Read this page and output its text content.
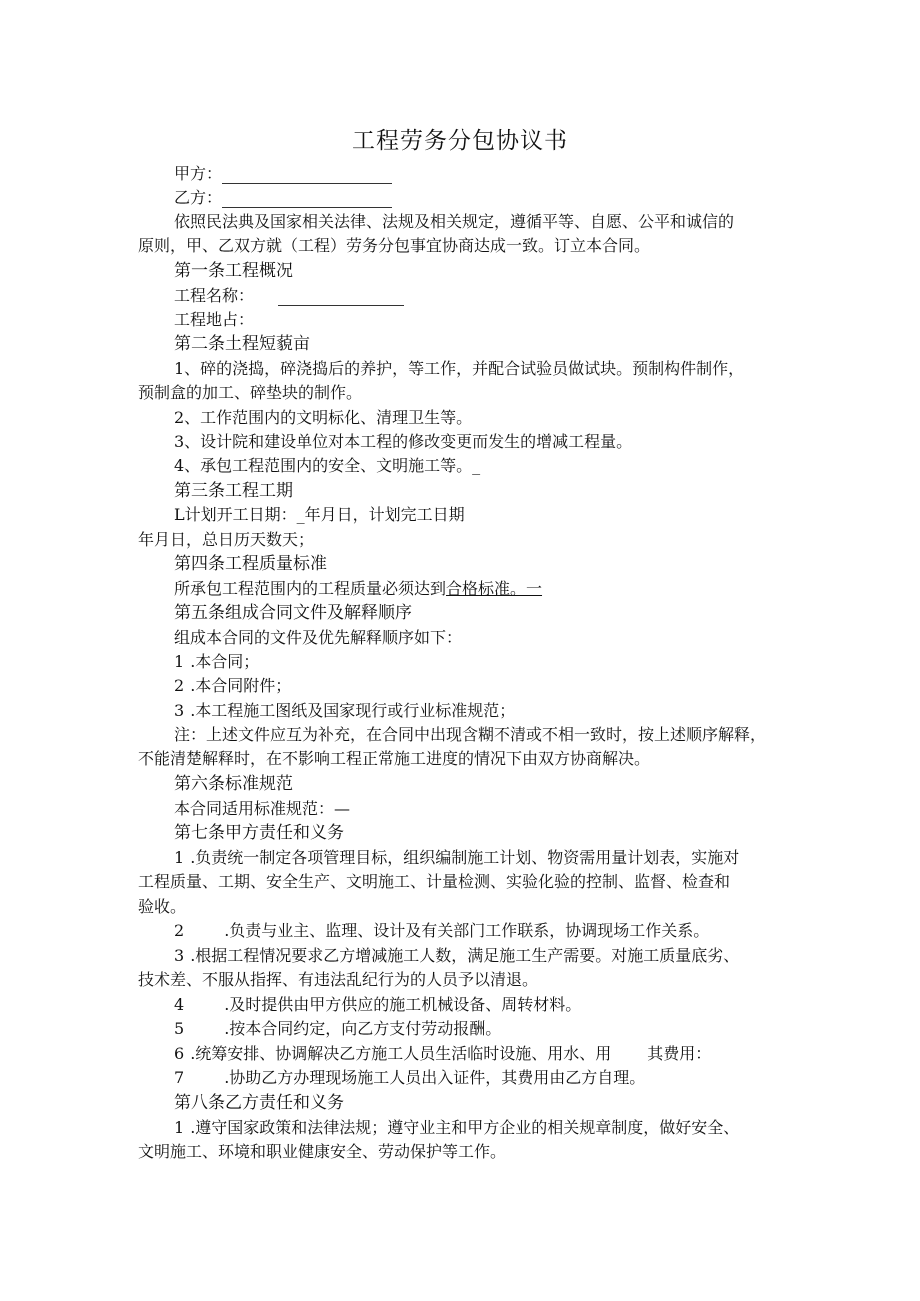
工程劳务分包协议书

甲方：

乙方：

依照民法典及国家相关法律、法规及相关规定，遵循平等、自愿、公平和诚信的

原则，甲、乙双方就（工程）劳务分包事宜协商达成一致。订立本合同。

第一条工程概况

工程名称：

工程地占：

第二条土程短藐亩

1、碎的浇捣，碎浇捣后的养护，等工作，并配合试验员做试块。预制构件制作，

预制盒的加工、碎垫块的制作。

2、工作范围内的文明标化、清理卫生等。

3、设计院和建设单位对本工程的修改变更而发生的增减工程量。

4、承包工程范围内的安全、文明施工等。_

第三条工程工期

L计划开工日期：_年月日，计划完工日期

年月日，总日历天数天；

第四条工程质量标准

所承包工程范围内的工程质量必须达到合格标准。一

第五条组成合同文件及解释顺序

组成本合同的文件及优先解释顺序如下：

1 .本合同；

2 .本合同附件；

3 .本工程施工图纸及国家现行或行业标准规范；

注：上述文件应互为补充，在合同中出现含糊不清或不相一致时，按上述顺序解释，

不能清楚解释时，在不影响工程正常施工进度的情况下由双方协商解决。

第六条标准规范

本合同适用标准规范：—

第七条甲方责任和义务

1 .负责统一制定各项管理目标，组织编制施工计划、物资需用量计划表，实施对

工程质量、工期、安全生产、文明施工、计量检测、实验化验的控制、监督、检查和

验收。

2	.负责与业主、监理、设计及有关部门工作联系，协调现场工作关系。

3 .根据工程情况要求乙方增减施工人数，满足施工生产需要。对施工质量底劣、

技术差、不服从指挥、有违法乱纪行为的人员予以清退。

4	.及时提供由甲方供应的施工机械设备、周转材料。

5	.按本合同约定，向乙方支付劳动报酬。

6 .统筹安排、协调解决乙方施工人员生活临时设施、用水、用 其费用：

7	.协助乙方办理现场施工人员出入证件，其费用由乙方自理。

第八条乙方责任和义务

1 .遵守国家政策和法律法规；遵守业主和甲方企业的相关规章制度，做好安全、

文明施工、环境和职业健康安全、劳动保护等工作。
